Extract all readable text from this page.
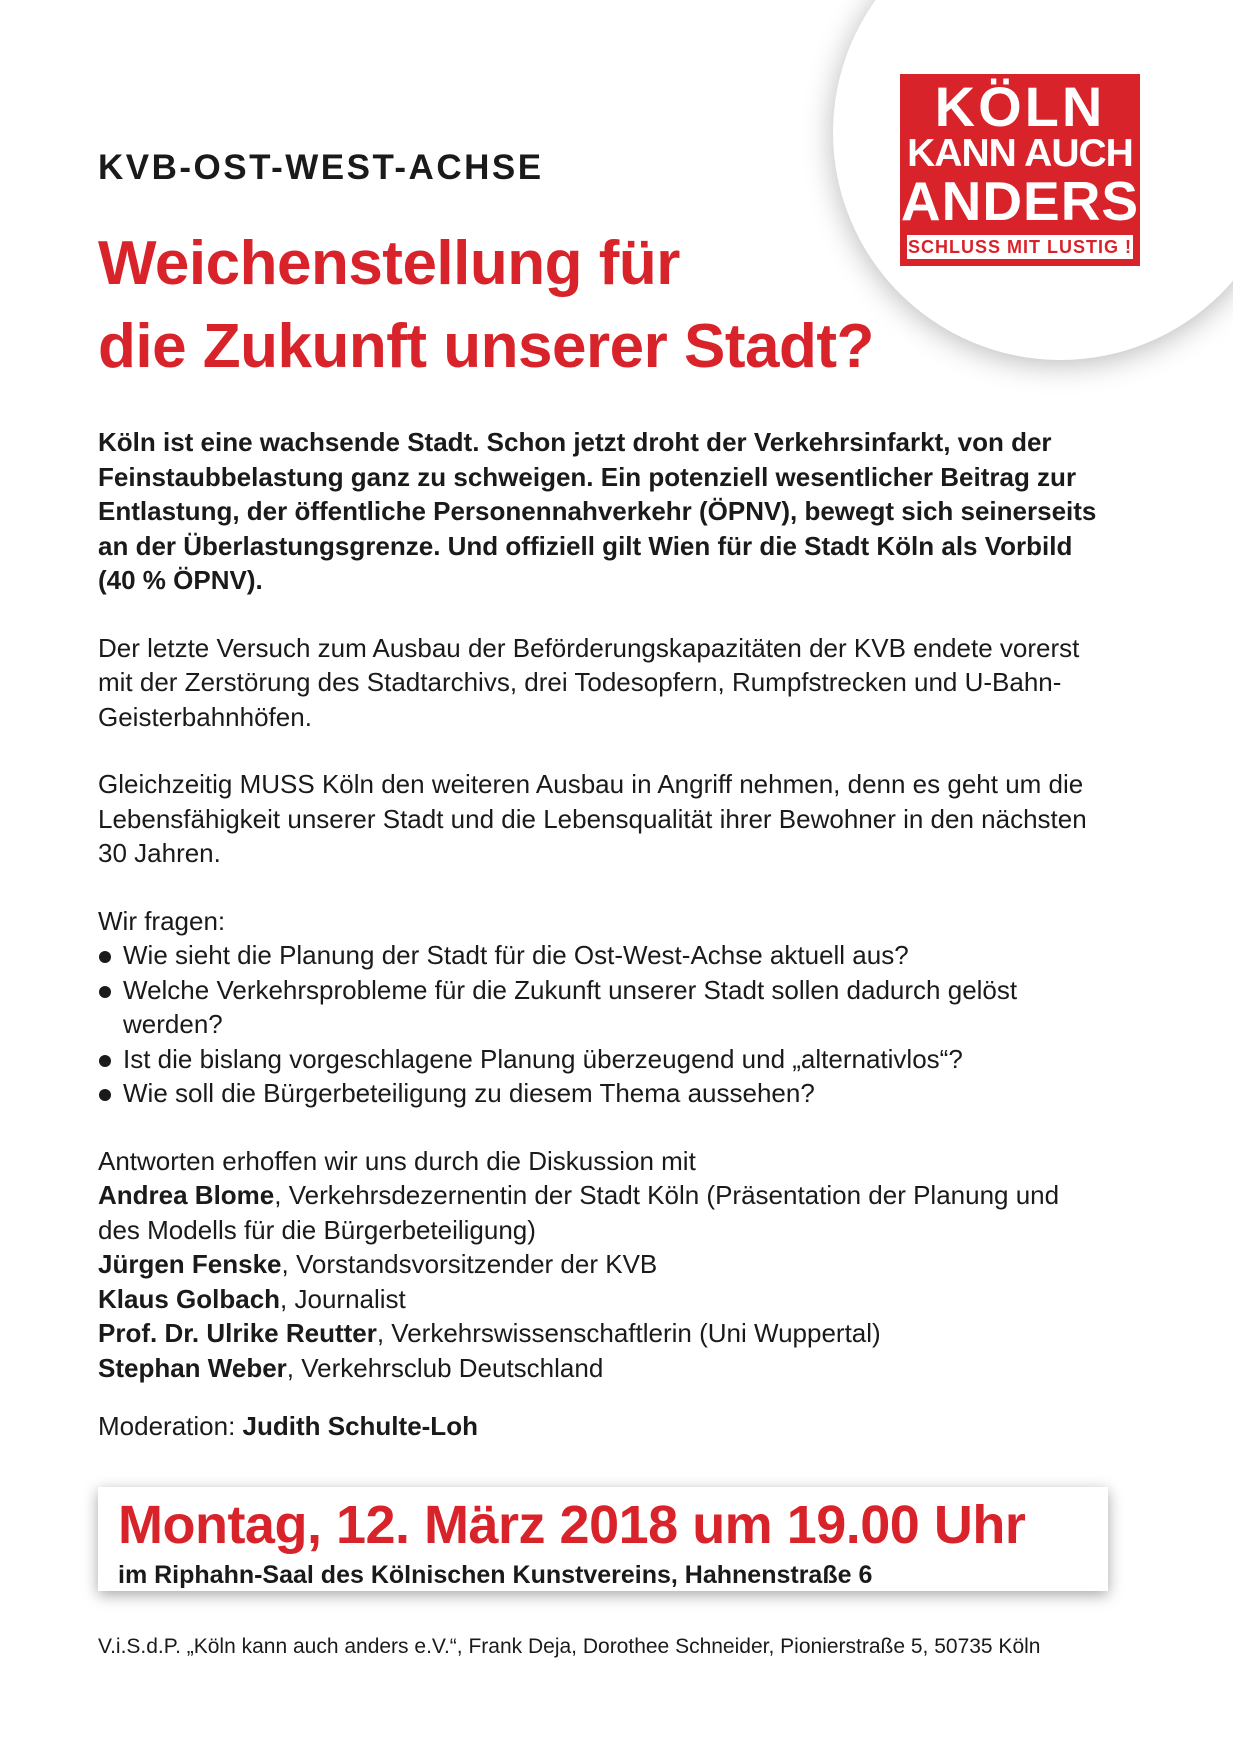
KÖLN
KANN AUCH
ANDERS
SCHLUSS MIT LUSTIG !
KVB-OST-WEST-ACHSE
Weichenstellung für
die Zukunft unserer Stadt?

Köln ist eine wachsende Stadt. Schon jetzt droht der Verkehrsinfarkt, von der Feinstaubbelastung ganz zu schweigen. Ein potenziell wesentlicher Beitrag zur Entlastung, der öffentliche Personennahverkehr (ÖPNV), bewegt sich seinerseits an der Überlastungsgrenze. Und offiziell gilt Wien für die Stadt Köln als Vorbild (40 % ÖPNV).

Der letzte Versuch zum Ausbau der Beförderungskapazitäten der KVB endete vorerst mit der Zerstörung des Stadtarchivs, drei Todesopfern, Rumpfstrecken und U-Bahn-Geisterbahnhöfen.

Gleichzeitig MUSS Köln den weiteren Ausbau in Angriff nehmen, denn es geht um die Lebensfähigkeit unserer Stadt und die Lebensqualität ihrer Bewohner in den nächsten 30 Jahren.

Wir fragen:

Wie sieht die Planung der Stadt für die Ost-West-Achse aktuell aus?
Welche Verkehrsprobleme für die Zukunft unserer Stadt sollen dadurch gelöst werden?
Ist die bislang vorgeschlagene Planung überzeugend und „alternativlos“?
Wie soll die Bürgerbeteiligung zu diesem Thema aussehen?

Antworten erhoffen wir uns durch die Diskussion mit

Andrea Blome, Verkehrsdezernentin der Stadt Köln (Präsentation der Planung und des Modells für die Bürgerbeteiligung)

Jürgen Fenske, Vorstandsvorsitzender der KVB

Klaus Golbach, Journalist

Prof. Dr. Ulrike Reutter, Verkehrswissenschaftlerin (Uni Wuppertal)

Stephan Weber, Verkehrsclub Deutschland

Moderation: Judith Schulte-Loh

Montag, 12. März 2018 um 19.00 Uhr
im Riphahn-Saal des Kölnischen Kunstvereins, Hahnenstraße 6
V.i.S.d.P. „Köln kann auch anders e.V.“, Frank Deja, Dorothee Schneider, Pionierstraße 5, 50735 Köln
